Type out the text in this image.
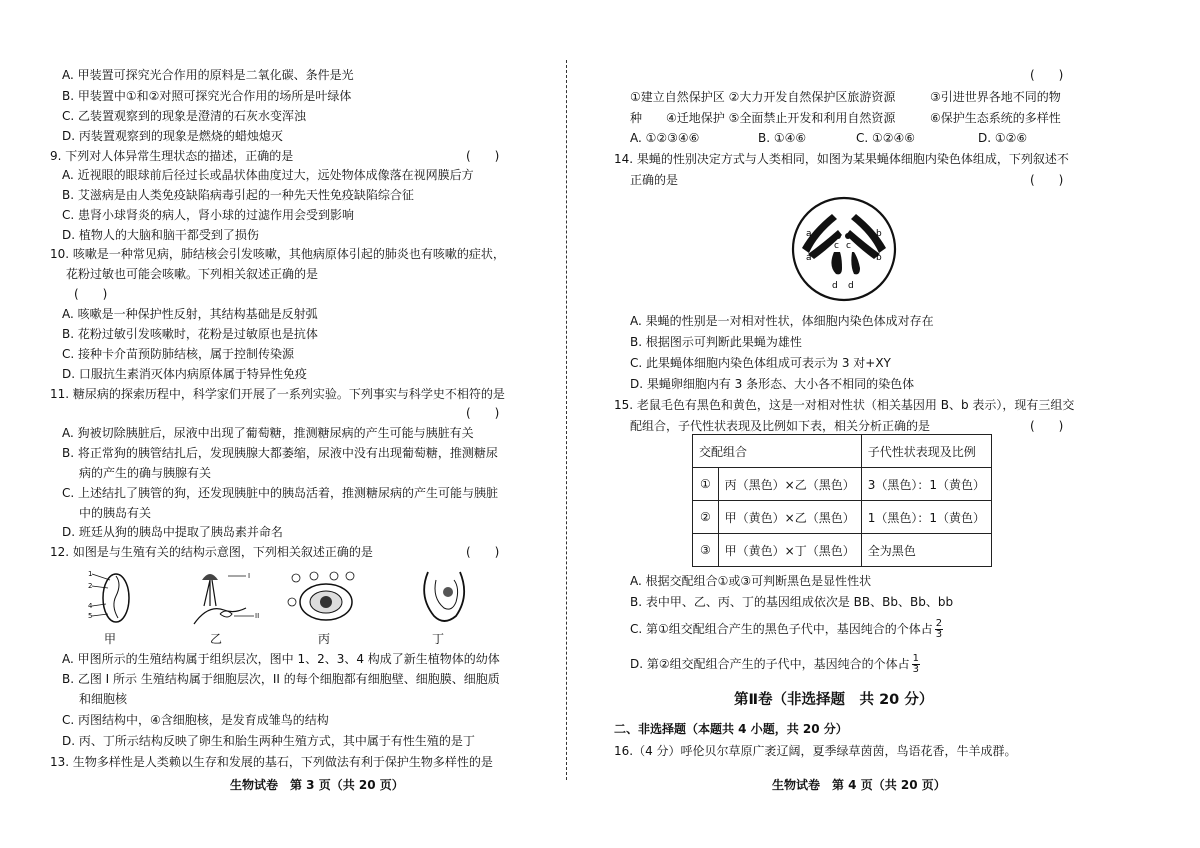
A. 甲装置可探究光合作用的原料是二氧化碳、条件是光
B. 甲装置中①和②对照可探究光合作用的场所是叶绿体
C. 乙装置观察到的现象是澄清的石灰水变浑浊
D. 丙装置观察到的现象是燃烧的蜡烛熄灭
9. 下列对人体异常生理状态的描述，正确的是	(　　)
A. 近视眼的眼球前后径过长或晶状体曲度过大，远处物体成像落在视网膜后方
B. 艾滋病是由人类免疫缺陷病毒引起的一种先天性免疫缺陷综合征
C. 患肾小球肾炎的病人，肾小球的过滤作用会受到影响
D. 植物人的大脑和脑干都受到了损伤
10. 咳嗽是一种常见病，肺结核会引发咳嗽，其他病原体引起的肺炎也有咳嗽的症状，
花粉过敏也可能会咳嗽。下列相关叙述正确的是
(　　)
A. 咳嗽是一种保护性反射，其结构基础是反射弧
B. 花粉过敏引发咳嗽时，花粉是过敏原也是抗体
C. 接种卡介苗预防肺结核，属于控制传染源
D. 口服抗生素消灭体内病原体属于特异性免疫
11. 糖尿病的探索历程中，科学家们开展了一系列实验。下列事实与科学史不相符的是
(　　)
A. 狗被切除胰脏后，尿液中出现了葡萄糖，推测糖尿病的产生可能与胰脏有关
B. 将正常狗的胰管结扎后，发现胰腺大都萎缩，尿液中没有出现葡萄糖，推测糖尿
病的产生的确与胰腺有关
C. 上述结扎了胰管的狗，还发现胰脏中的胰岛活着，推测糖尿病的产生可能与胰脏
中的胰岛有关
D. 班廷从狗的胰岛中提取了胰岛素并命名
12. 如图是与生殖有关的结构示意图，下列相关叙述正确的是	(　　)
1
2
4
5
I
II
甲	乙	丙	丁
A. 甲图所示的生殖结构属于组织层次，图中 1、2、3、4 构成了新生植物体的幼体
B. 乙图 I 所示 生殖结构属于细胞层次，II 的每个细胞都有细胞壁、细胞膜、细胞质
和细胞核
C. 丙图结构中，④含细胞核，是发育成雏鸟的结构
D. 丙、丁所示结构反映了卵生和胎生两种生殖方式，其中属于有性生殖的是丁
13. 生物多样性是人类赖以生存和发展的基石，下列做法有利于保护生物多样性的是
生物试卷　第 3 页（共 20 页）
(　　)
①建立自然保护区 ②大力开发自然保护区旅游资源	③引进世界各地不同的物
种　　④迁地保护 ⑤全面禁止开发和利用自然资源	⑥保护生态系统的多样性
A. ①②③④⑥	B. ①④⑥	C. ①②④⑥	D. ①②⑥
14. 果蝇的性别决定方式与人类相同，如图为某果蝇体细胞内染色体组成，下列叙述不
正确的是	(　　)
a	b
c c
a	b
d d
A. 果蝇的性别是一对相对性状，体细胞内染色体成对存在
B. 根据图示可判断此果蝇为雄性
C. 此果蝇体细胞内染色体组成可表示为 3 对+XY
D. 果蝇卵细胞内有 3 条形态、大小各不相同的染色体
15. 老鼠毛色有黑色和黄色，这是一对相对性状（相关基因用 B、b 表示），现有三组交
配组合，子代性状表现及比例如下表，相关分析正确的是	(　　)
交配组合		子代性状表现及比例
①	丙（黑色）×乙（黑色）	3（黑色）：1（黄色）
②	甲（黄色）×乙（黑色）	1（黑色）：1（黄色）
③	甲（黄色）×丁（黑色）	全为黑色
A. 根据交配组合①或③可判断黑色是显性性状
B. 表中甲、乙、丙、丁的基因组成依次是 BB、Bb、Bb、bb
C. 第①组交配组合产生的黑色子代中，基因纯合的个体占 $\frac{2}{3}$
D. 第②组交配组合产生的子代中，基因纯合的个体占 $\frac{1}{3}$
第Ⅱ卷（非选择题　共 20 分）
二、非选择题（本题共 4 小题，共 20 分）
16.（4 分）呼伦贝尔草原广袤辽阔，夏季绿草茵茵，鸟语花香，牛羊成群。
生物试卷　第 4 页（共 20 页）
